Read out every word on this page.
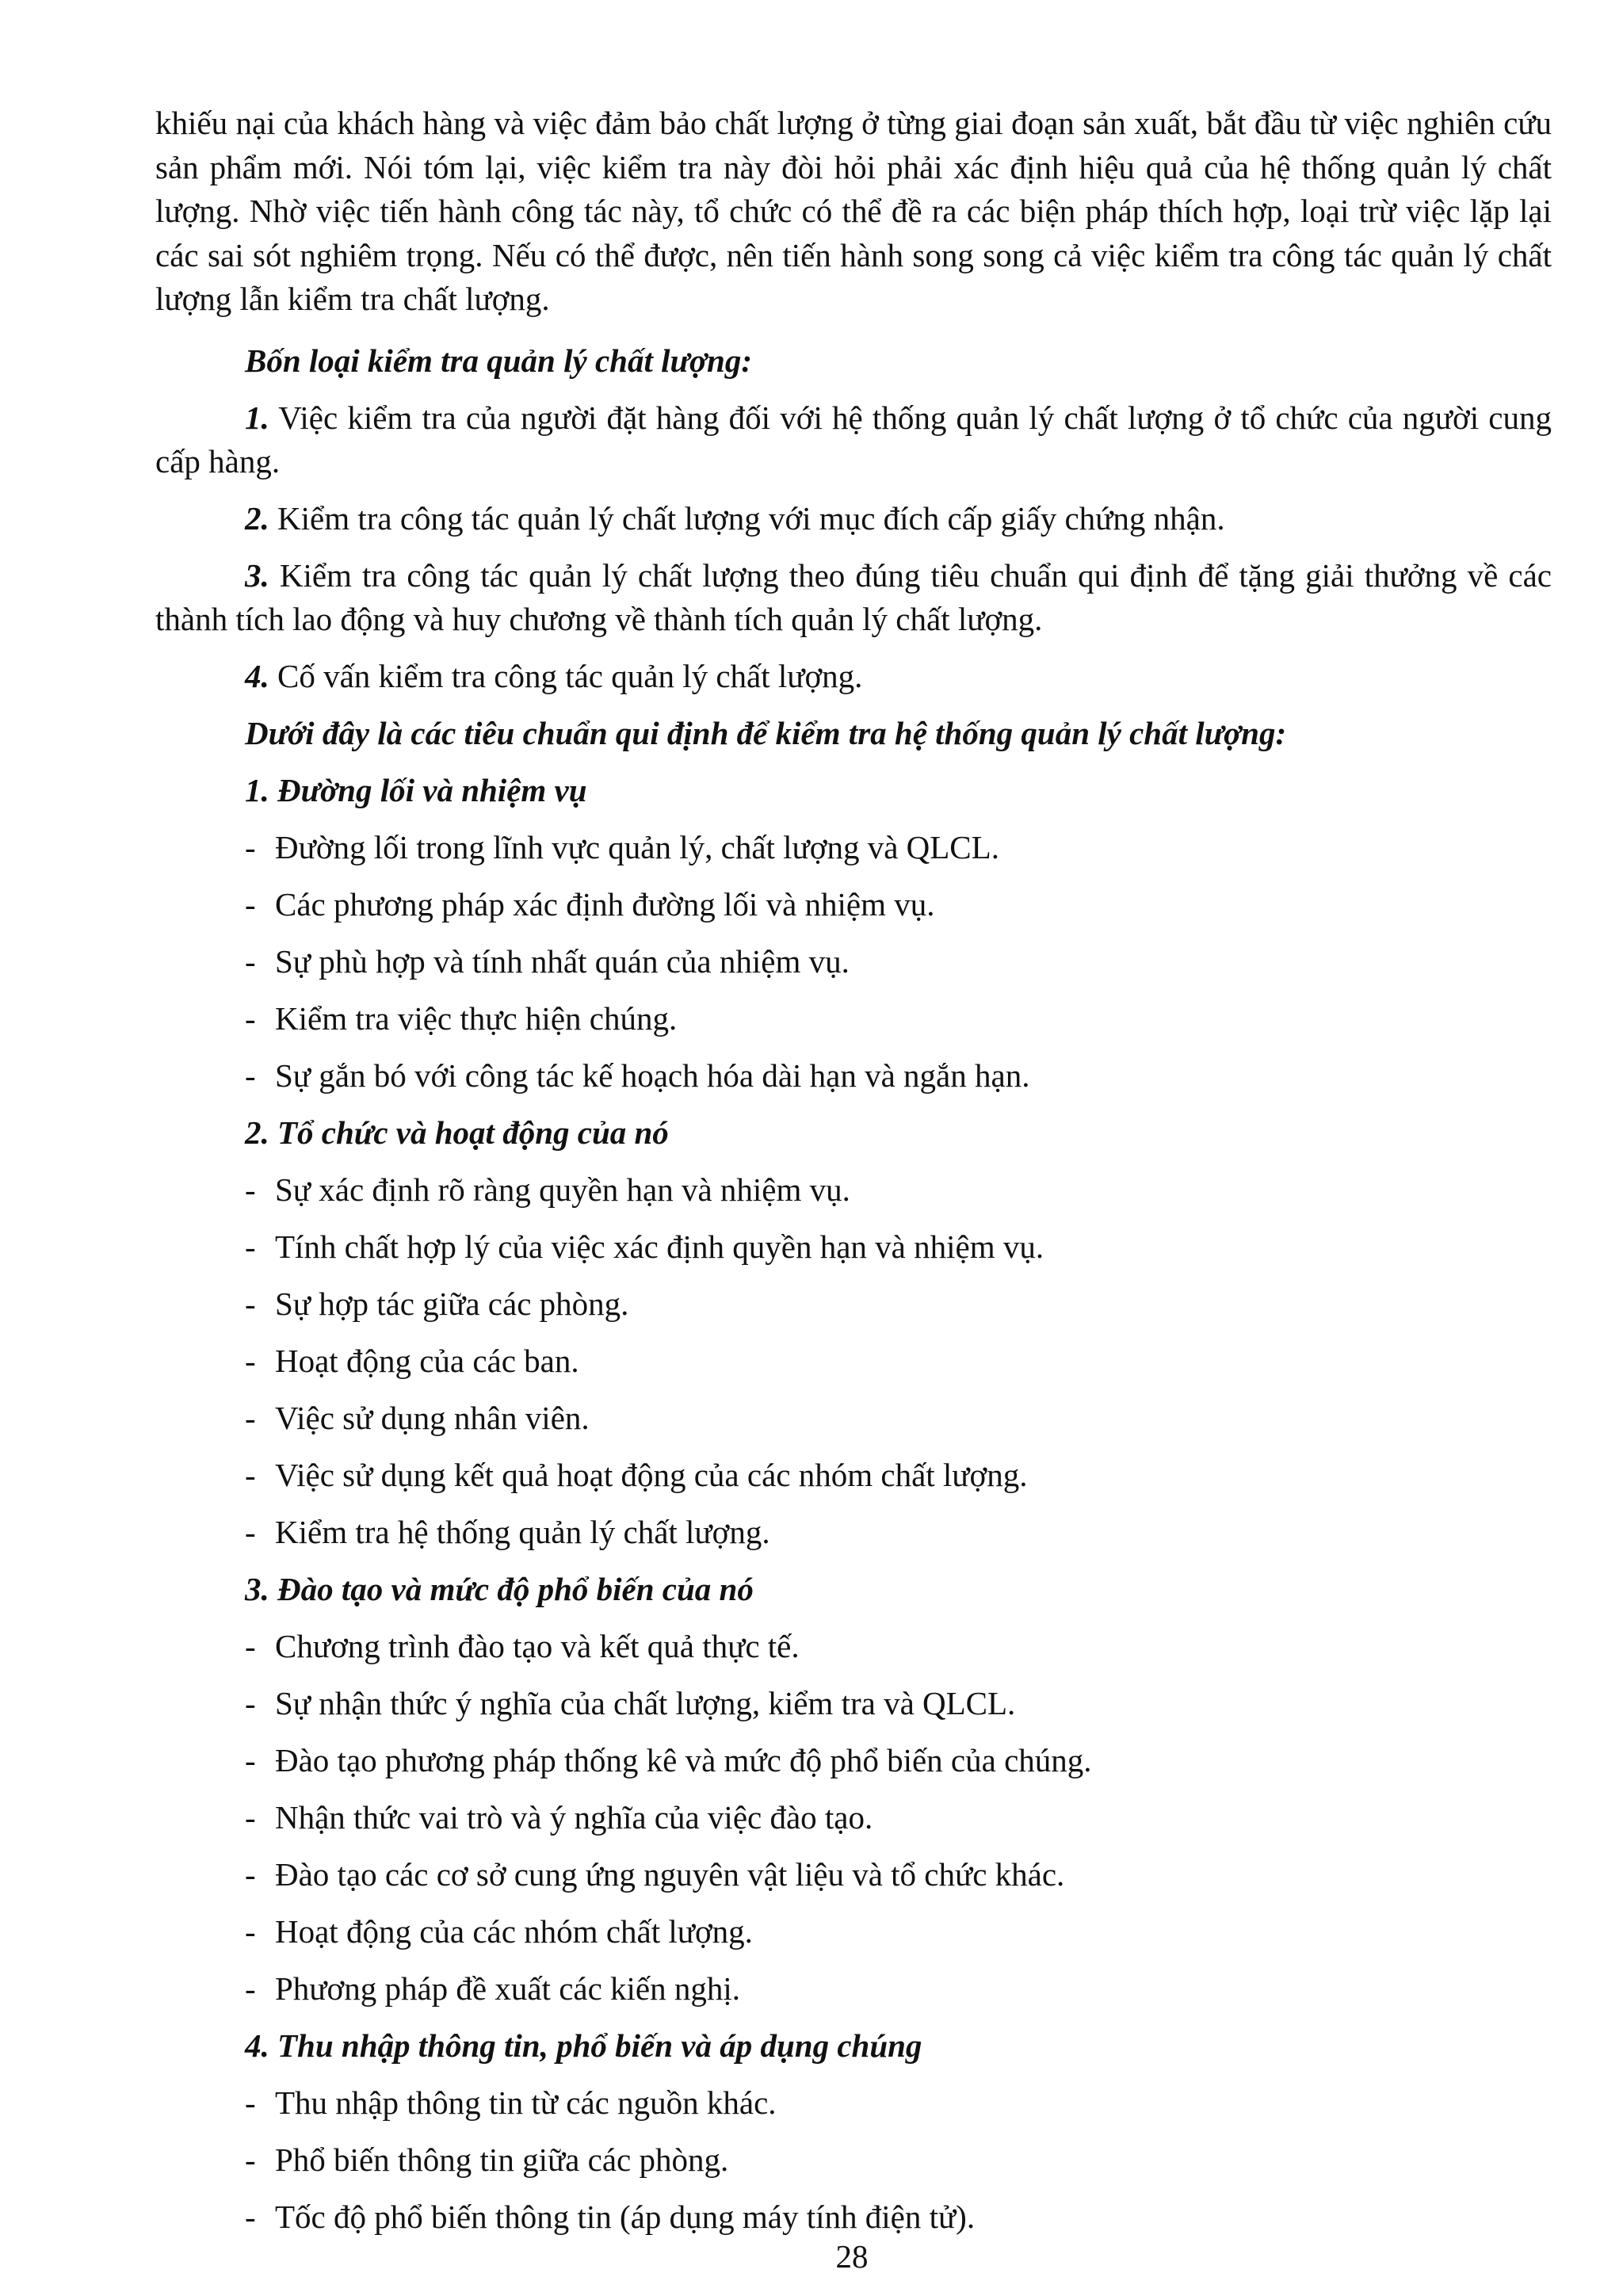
khiếu nại của khách hàng và việc đảm bảo chất lượng ở từng giai đoạn sản xuất, bắt đầu từ việc nghiên cứu sản phẩm mới. Nói tóm lại, việc kiểm tra này đòi hỏi phải xác định hiệu quả của hệ thống quản lý chất lượng. Nhờ việc tiến hành công tác này, tổ chức có thể đề ra các biện pháp thích hợp, loại trừ việc lặp lại các sai sót nghiêm trọng. Nếu có thể được, nên tiến hành song song cả việc kiểm tra công tác quản lý chất lượng lẫn kiểm tra chất lượng.

Bốn loại kiểm tra quản lý chất lượng:

1. Việc kiểm tra của người đặt hàng đối với hệ thống quản lý chất lượng ở tổ chức của người cung cấp hàng.

2. Kiểm tra công tác quản lý chất lượng với mục đích cấp giấy chứng nhận.

3. Kiểm tra công tác quản lý chất lượng theo đúng tiêu chuẩn qui định để tặng giải thưởng về các thành tích lao động và huy chương về thành tích quản lý chất lượng.

4. Cố vấn kiểm tra công tác quản lý chất lượng.

Dưới đây là các tiêu chuẩn qui định để kiểm tra hệ thống quản lý chất lượng:

1. Đường lối và nhiệm vụ

- Đường lối trong lĩnh vực quản lý, chất lượng và QLCL.

- Các phương pháp xác định đường lối và nhiệm vụ.

- Sự phù hợp và tính nhất quán của nhiệm vụ.

- Kiểm tra việc thực hiện chúng.

- Sự gắn bó với công tác kế hoạch hóa dài hạn và ngắn hạn.

2. Tổ chức và hoạt động của nó

- Sự xác định rõ ràng quyền hạn và nhiệm vụ.

- Tính chất hợp lý của việc xác định quyền hạn và nhiệm vụ.

- Sự hợp tác giữa các phòng.

- Hoạt động của các ban.

- Việc sử dụng nhân viên.

- Việc sử dụng kết quả hoạt động của các nhóm chất lượng.

- Kiểm tra hệ thống quản lý chất lượng.

3. Đào tạo và mức độ phổ biến của nó

- Chương trình đào tạo và kết quả thực tế.

- Sự nhận thức ý nghĩa của chất lượng, kiểm tra và QLCL.

- Đào tạo phương pháp thống kê và mức độ phổ biến của chúng.

- Nhận thức vai trò và ý nghĩa của việc đào tạo.

- Đào tạo các cơ sở cung ứng nguyên vật liệu và tổ chức khác.

- Hoạt động của các nhóm chất lượng.

- Phương pháp đề xuất các kiến nghị.

4. Thu nhập thông tin, phổ biến và áp dụng chúng

- Thu nhập thông tin từ các nguồn khác.

- Phổ biến thông tin giữa các phòng.

- Tốc độ phổ biến thông tin (áp dụng máy tính điện tử).

28
